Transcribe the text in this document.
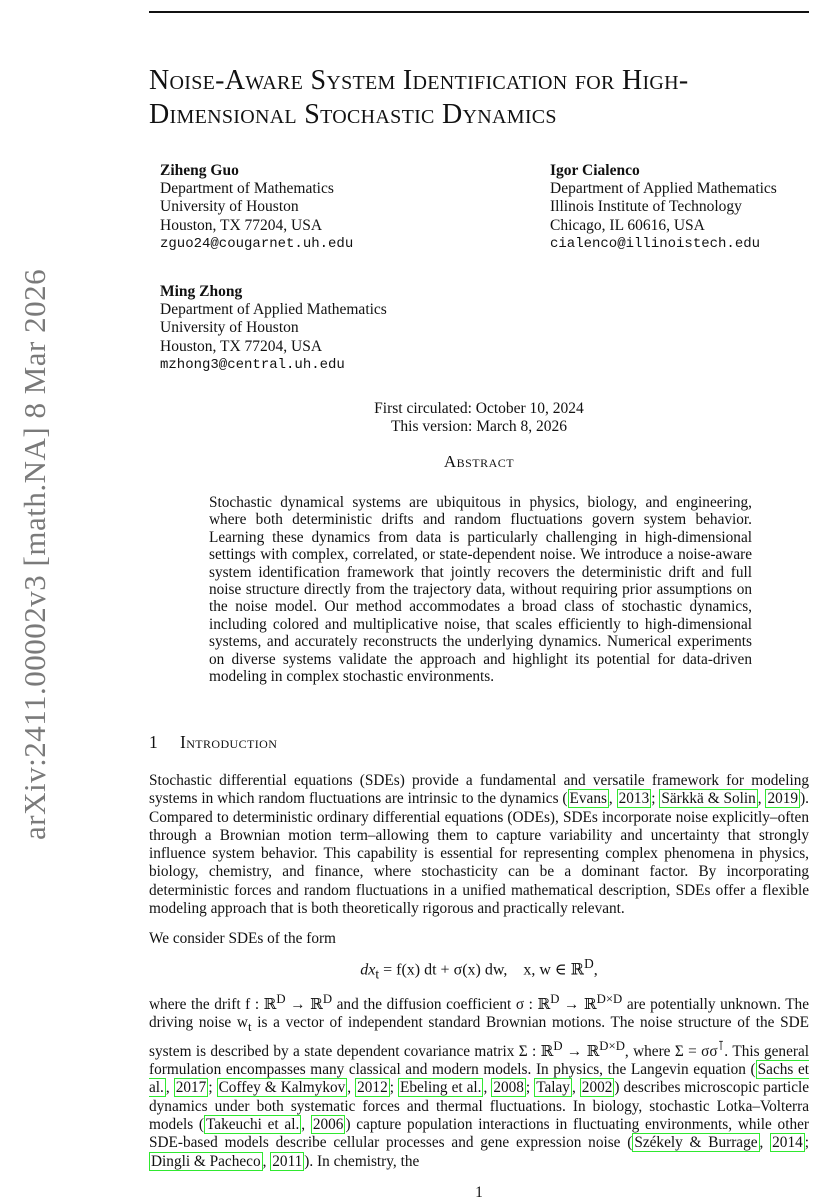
arXiv:2411.00002v3 [math.NA] 8 Mar 2026
Noise-Aware System Identification for High-
Dimensional Stochastic Dynamics
Ziheng Guo
Department of Mathematics
University of Houston
Houston, TX 77204, USA
zguo24@cougarnet.uh.edu
Igor Cialenco
Department of Applied Mathematics
Illinois Institute of Technology
Chicago, IL 60616, USA
cialenco@illinoistech.edu
Ming Zhong
Department of Applied Mathematics
University of Houston
Houston, TX 77204, USA
mzhong3@central.uh.edu
First circulated: October 10, 2024
This version: March 8, 2026
Abstract
Stochastic dynamical systems are ubiquitous in physics, biology, and engineering, where both deterministic drifts and random fluctuations govern system behavior. Learning these dynamics from data is particularly challenging in high-dimensional settings with complex, correlated, or state-dependent noise. We introduce a noise-aware system identification framework that jointly recovers the deterministic drift and full noise structure directly from the trajectory data, without requiring prior assumptions on the noise model. Our method accommodates a broad class of stochastic dynamics, including colored and multiplicative noise, that scales efficiently to high-dimensional systems, and accurately reconstructs the underlying dynamics. Numerical experiments on diverse systems validate the approach and highlight its potential for data-driven modeling in complex stochastic environments.
1 Introduction
Stochastic differential equations (SDEs) provide a fundamental and versatile framework for modeling systems in which random fluctuations are intrinsic to the dynamics ( Evans , 2013 ; Särkkä & Solin , 2019 ). Compared to deterministic ordinary differential equations (ODEs), SDEs incorporate noise explicitly–often through a Brownian motion term–allowing them to capture variability and uncertainty that strongly influence system behavior. This capability is essential for representing complex phenomena in physics, biology, chemistry, and finance, where stochasticity can be a dominant factor. By incorporating deterministic forces and random fluctuations in a unified mathematical description, SDEs offer a flexible modeling approach that is both theoretically rigorous and practically relevant.
We consider SDEs of the form
$dx_t = f(x)$ dt + σ(x) dw, x, w ∈ ℝ$^D$,
where the drift f : ℝ$^D$ → ℝ$^D$ and the diffusion coefficient σ : ℝ$^D$ → ℝ$^{D\times D}$ are potentially unknown. The driving noise $w_t$ is a vector of independent standard Brownian motions. The noise structure of the SDE system is described by a state dependent covariance matrix Σ : ℝ$^D$ → ℝ$^{D\times D}$, where Σ = σσ⊺. This general formulation encompasses many classical and modern models. In physics, the Langevin equation ( Sachs et al. , 2017 ; Coffey & Kalmykov , 2012 ; Ebeling et al. , 2008 ; Talay , 2002 ) describes microscopic particle dynamics under both systematic forces and thermal fluctuations. In biology, stochastic Lotka–Volterra models ( Takeuchi et al. , 2006 ) capture population interactions in fluctuating environments, while other SDE-based models describe cellular processes and gene expression noise ( Székely & Burrage , 2014 ; Dingli & Pacheco , 2011 ). In chemistry, the
1
